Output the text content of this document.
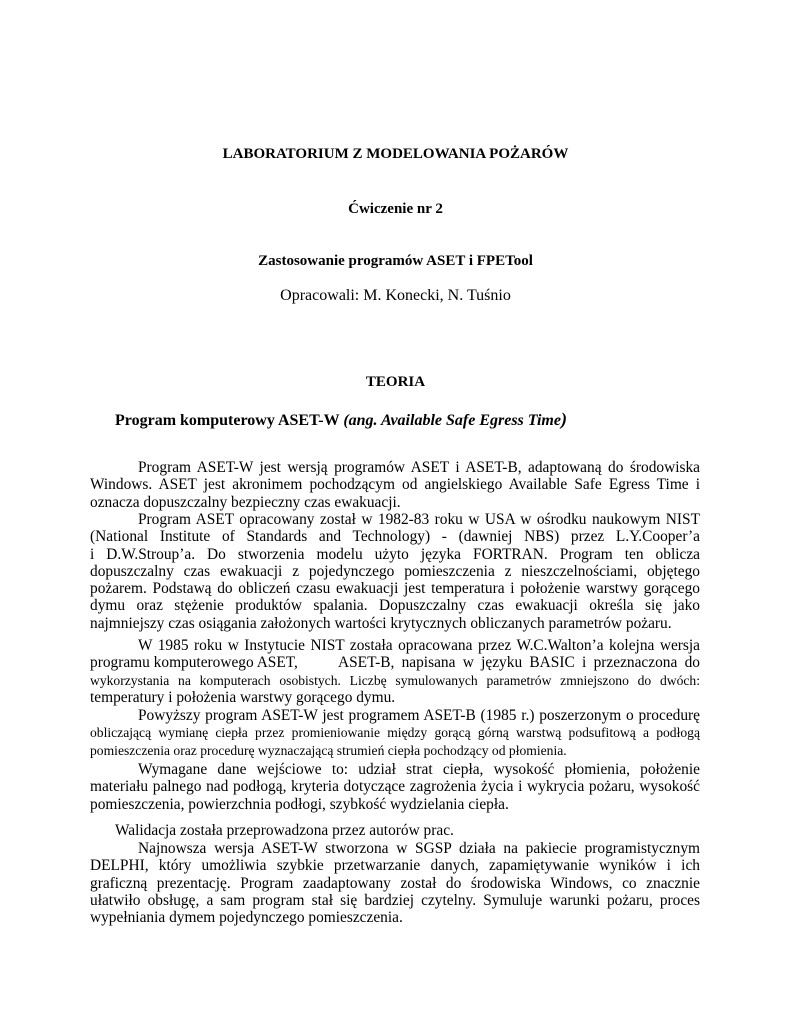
LABORATORIUM Z MODELOWANIA POŻARÓW
Ćwiczenie nr 2
Zastosowanie programów ASET i FPETool
Opracowali: M. Konecki, N. Tuśnio
TEORIA
Program komputerowy ASET-W (ang. Available Safe Egress Time)
Program ASET-W jest wersją programów ASET i ASET-B, adaptowaną do środowiska
Windows. ASET jest akronimem pochodzącym od angielskiego Available Safe Egress Time i
oznacza dopuszczalny bezpieczny czas ewakuacji.
Program ASET opracowany został w 1982-83 roku w USA w ośrodku naukowym NIST
(National Institute of Standards and Technology) - (dawniej NBS) przez L.Y.Cooper’a
i D.W.Stroup’a. Do stworzenia modelu użyto języka FORTRAN. Program ten oblicza
dopuszczalny czas ewakuacji z pojedynczego pomieszczenia z nieszczelnościami, objętego
pożarem. Podstawą do obliczeń czasu ewakuacji jest temperatura i położenie warstwy gorącego
dymu oraz stężenie produktów spalania. Dopuszczalny czas ewakuacji określa się jako
najmniejszy czas osiągania założonych wartości krytycznych obliczanych parametrów pożaru.
W 1985 roku w Instytucie NIST została opracowana przez W.C.Walton’a kolejna wersja
programu komputerowego ASET,	ASET-B, napisana w języku BASIC i przeznaczona do
wykorzystania na komputerach osobistych. Liczbę symulowanych parametrów zmniejszono do dwóch:
temperatury i położenia warstwy gorącego dymu.
Powyższy program ASET-W jest programem ASET-B (1985 r.) poszerzonym o procedurę
obliczającą wymianę ciepła przez promieniowanie między gorącą górną warstwą podsufitową a podłogą
pomieszczenia oraz procedurę wyznaczającą strumień ciepła pochodzący od płomienia.
Wymagane dane wejściowe to: udział strat ciepła, wysokość płomienia, położenie
materiału palnego nad podłogą, kryteria dotyczące zagrożenia życia i wykrycia pożaru, wysokość
pomieszczenia, powierzchnia podłogi, szybkość wydzielania ciepła.
Walidacja została przeprowadzona przez autorów prac.
Najnowsza wersja ASET-W stworzona w SGSP działa na pakiecie programistycznym
DELPHI, który umożliwia szybkie przetwarzanie danych, zapamiętywanie wyników i ich
graficzną prezentację. Program zaadaptowany został do środowiska Windows, co znacznie
ułatwiło obsługę, a sam program stał się bardziej czytelny. Symuluje warunki pożaru, proces
wypełniania dymem pojedynczego pomieszczenia.
